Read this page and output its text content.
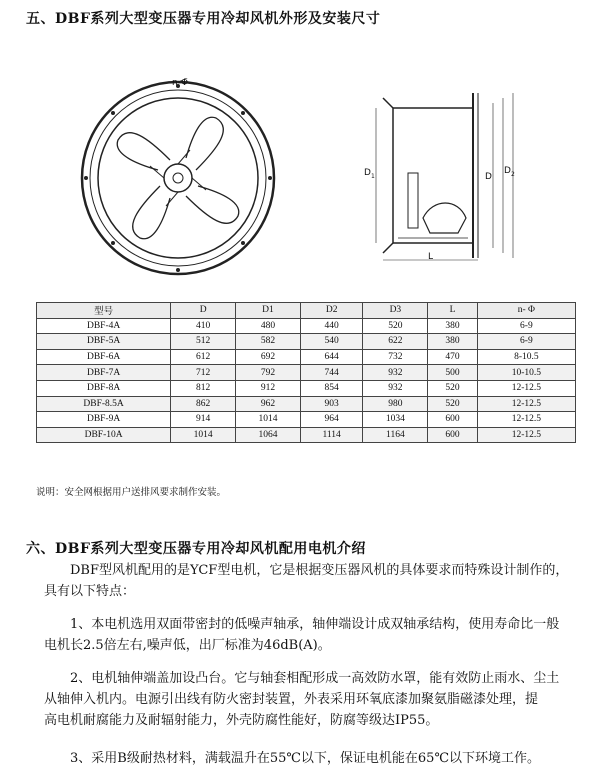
五、DBF系列大型变压器专用冷却风机外形及安装尺寸
n-Φ
$D_1$	D
$D_2$
L
型号	D	D1	D2	D3	L	n- Φ
DBF-4A	410	480	440	520	380	6-9
DBF-5A	512	582	540	622	380	6-9
DBF-6A	612	692	644	732	470	8-10.5
DBF-7A	712	792	744	932	500	10-10.5
DBF-8A	812	912	854	932	520	12-12.5
DBF-8.5A	862	962	903	980	520	12-12.5
DBF-9A	914	1014	964	1034	600	12-12.5
DBF-10A	1014	1064	1114	1164	600	12-12.5
说明：安全网根据用户送排风要求制作安装。
六、DBF系列大型变压器专用冷却风机配用电机介绍
DBF型风机配用的是YCF型电机，它是根据变压器风机的具体要求而特殊设计制作的，
具有以下特点：
1、本电机选用双面带密封的低噪声轴承，轴伸端设计成双轴承结构，使用寿命比一般
电机长2.5倍左右,噪声低，出厂标准为46dB(A)。
2、电机轴伸端盖加设凸台。它与轴套相配形成一高效防水罩，能有效防止雨水、尘土
从轴伸入机内。电源引出线有防火密封装置，外表采用环氧底漆加聚氨脂磁漆处理，提
高电机耐腐能力及耐辐射能力，外壳防腐性能好，防腐等级达IP55。
3、采用B级耐热材料，满载温升在55℃以下，保证电机能在65℃以下环境工作。
